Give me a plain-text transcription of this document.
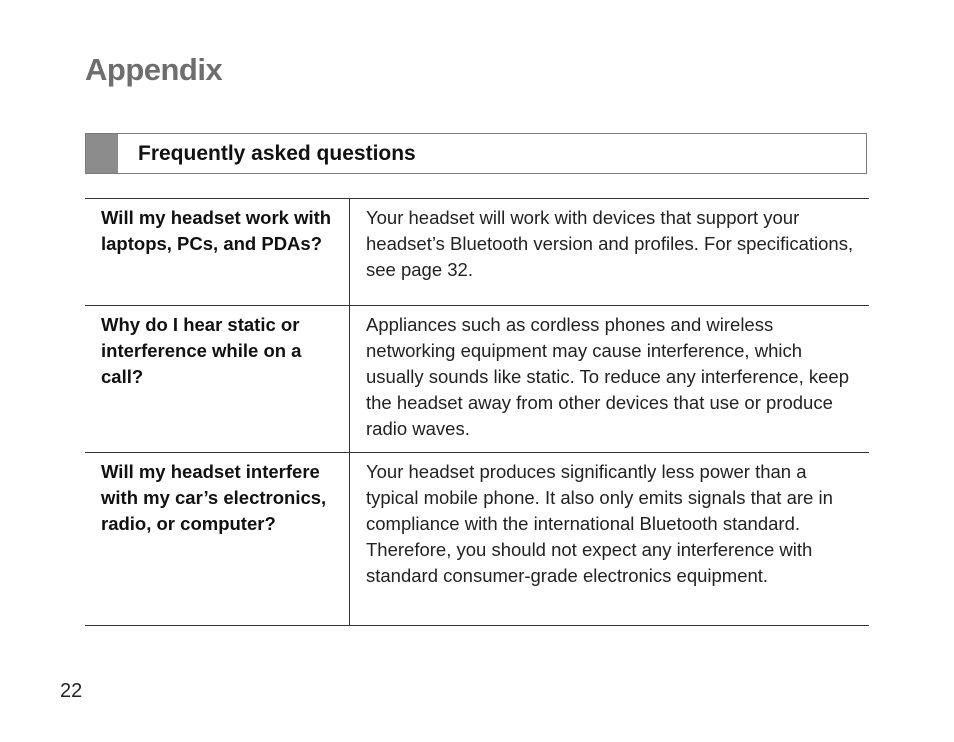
Appendix
Frequently asked questions
Will my headset work with laptops, PCs, and PDAs?	Your headset will work with devices that support your headset’s Bluetooth version and profiles. For specifications, see page 32.
Why do I hear static or interference while on a call?	Appliances such as cordless phones and wireless networking equipment may cause interference, which usually sounds like static. To reduce any interference, keep the headset away from other devices that use or produce radio waves.
Will my headset interfere with my car’s electronics, radio, or computer?	Your headset produces significantly less power than a typical mobile phone. It also only emits signals that are in compliance with the international Bluetooth standard. Therefore, you should not expect any interference with standard consumer-grade electronics equipment.
22
